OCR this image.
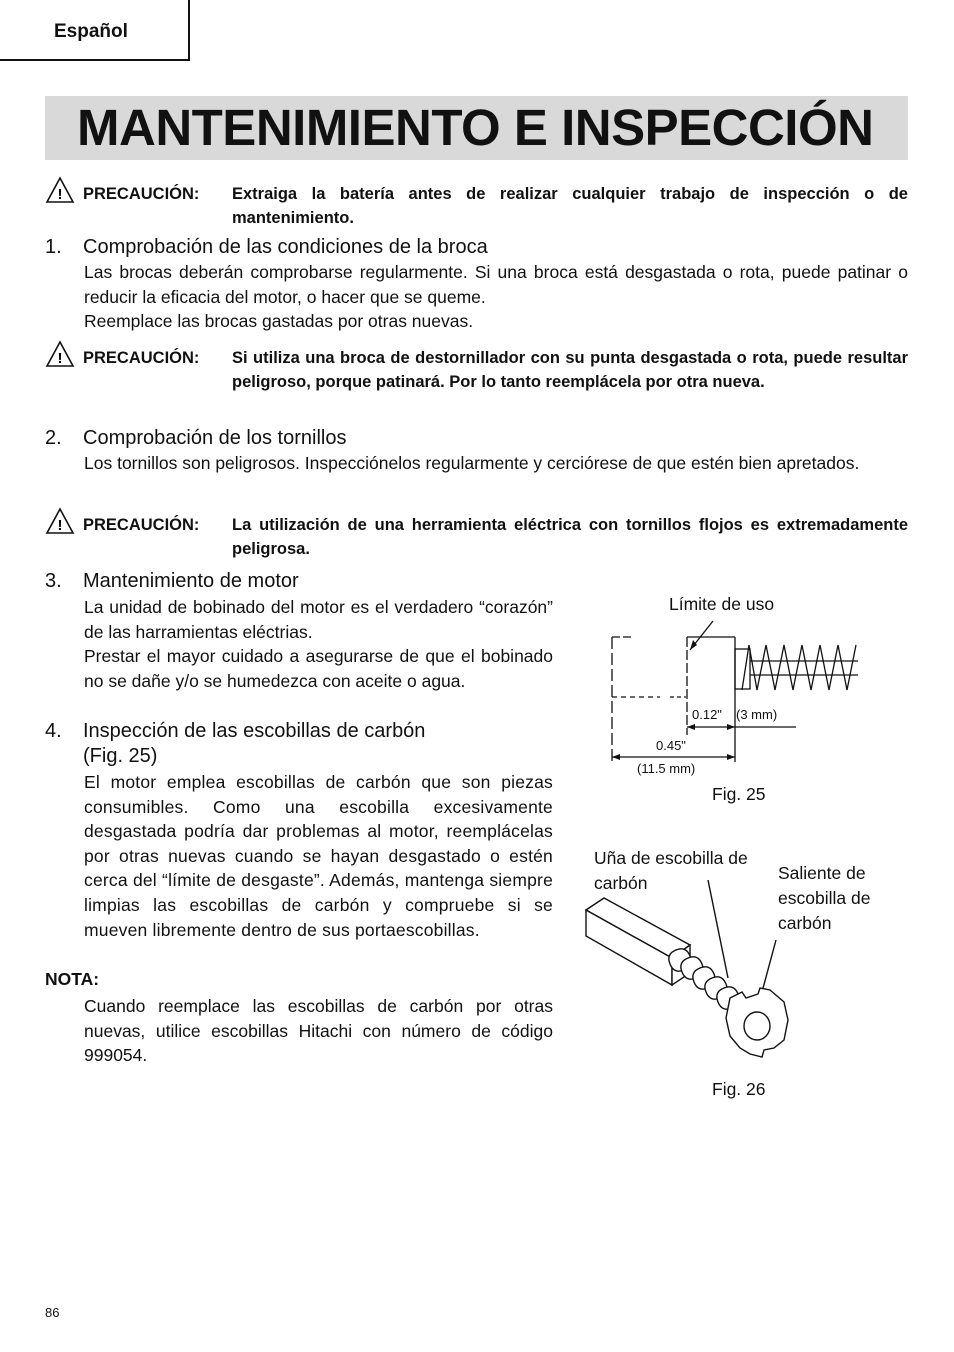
Español
MANTENIMIENTO E INSPECCIÓN
! PRECAUCIÓN: Extraiga la batería antes de realizar cualquier trabajo de inspección o de mantenimiento.
1. Comprobación de las condiciones de la broca
Las brocas deberán comprobarse regularmente. Si una broca está desgastada o rota, puede patinar o reducir la eficacia del motor, o hacer que se queme.
Reemplace las brocas gastadas por otras nuevas.
! PRECAUCIÓN: Si utiliza una broca de destornillador con su punta desgastada o rota, puede resultar peligroso, porque patinará. Por lo tanto reemplácela por otra nueva.
2. Comprobación de los tornillos
Los tornillos son peligrosos. Inspecciónelos regularmente y cerciórese de que estén bien apretados.
! PRECAUCIÓN: La utilización de una herramienta eléctrica con tornillos flojos es extremadamente peligrosa.
3. Mantenimiento de motor
La unidad de bobinado del motor es el verdadero “corazón” de las harramientas eléctrias.
Prestar el mayor cuidado a asegurarse de que el bobinado no se dañe y/o se humedezca con aceite o agua.
4. Inspección de las escobillas de carbón
(Fig. 25)
El motor emplea escobillas de carbón que son piezas consumibles. Como una escobilla excesivamente desgastada podría dar problemas al motor, reemplácelas por otras nuevas cuando se hayan desgastado o estén cerca del “límite de desgaste”. Además, mantenga siempre limpias las escobillas de carbón y compruebe si se mueven libremente dentro de sus portaescobillas.
NOTA:
Cuando reemplace las escobillas de carbón por otras nuevas, utilice escobillas Hitachi con número de código 999054.
Límite de uso
0.12" (3 mm)
0.45"
(11.5 mm)
Fig. 25
Uña de escobilla de carbón	Saliente de escobilla de carbón
Fig. 26
86
